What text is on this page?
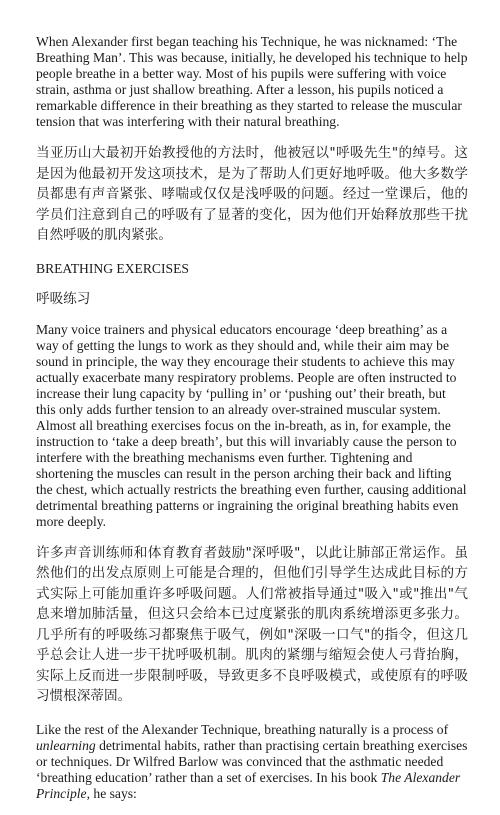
When Alexander first began teaching his Technique, he was nicknamed: ‘The Breathing Man’. This was because, initially, he developed his technique to help people breathe in a better way. Most of his pupils were suffering with voice strain, asthma or just shallow breathing. After a lesson, his pupils noticed a remarkable difference in their breathing as they started to release the muscular tension that was interfering with their natural breathing.

当亚历山大最初开始教授他的方法时，他被冠以"呼吸先生"的绰号。这是因为他最初开发这项技术，是为了帮助人们更好地呼吸。他大多数学员都患有声音紧张、哮喘或仅仅是浅呼吸的问题。经过一堂课后，他的学员们注意到自己的呼吸有了显著的变化，因为他们开始释放那些干扰自然呼吸的肌肉紧张。

BREATHING EXERCISES

呼吸练习

Many voice trainers and physical educators encourage ‘deep breathing’ as a way of getting the lungs to work as they should and, while their aim may be sound in principle, the way they encourage their students to achieve this may actually exacerbate many respiratory problems. People are often instructed to increase their lung capacity by ‘pulling in’ or ‘pushing out’ their breath, but this only adds further tension to an already over-strained muscular system. Almost all breathing exercises focus on the in-breath, as in, for example, the instruction to ‘take a deep breath’, but this will invariably cause the person to interfere with the breathing mechanisms even further. Tightening and shortening the muscles can result in the person arching their back and lifting the chest, which actually restricts the breathing even further, causing additional detrimental breathing patterns or ingraining the original breathing habits even more deeply.

许多声音训练师和体育教育者鼓励"深呼吸"，以此让肺部正常运作。虽然他们的出发点原则上可能是合理的，但他们引导学生达成此目标的方式实际上可能加重许多呼吸问题。人们常被指导通过"吸入"或"推出"气息来增加肺活量，但这只会给本已过度紧张的肌肉系统增添更多张力。几乎所有的呼吸练习都聚焦于吸气，例如"深吸一口气"的指令，但这几乎总会让人进一步干扰呼吸机制。肌肉的紧绷与缩短会使人弓背抬胸，实际上反而进一步限制呼吸，导致更多不良呼吸模式，或使原有的呼吸习惯根深蒂固。

Like the rest of the Alexander Technique, breathing naturally is a process of unlearning detrimental habits, rather than practising certain breathing exercises or techniques. Dr Wilfred Barlow was convinced that the asthmatic needed ‘breathing education’ rather than a set of exercises. In his book The Alexander Principle, he says:
